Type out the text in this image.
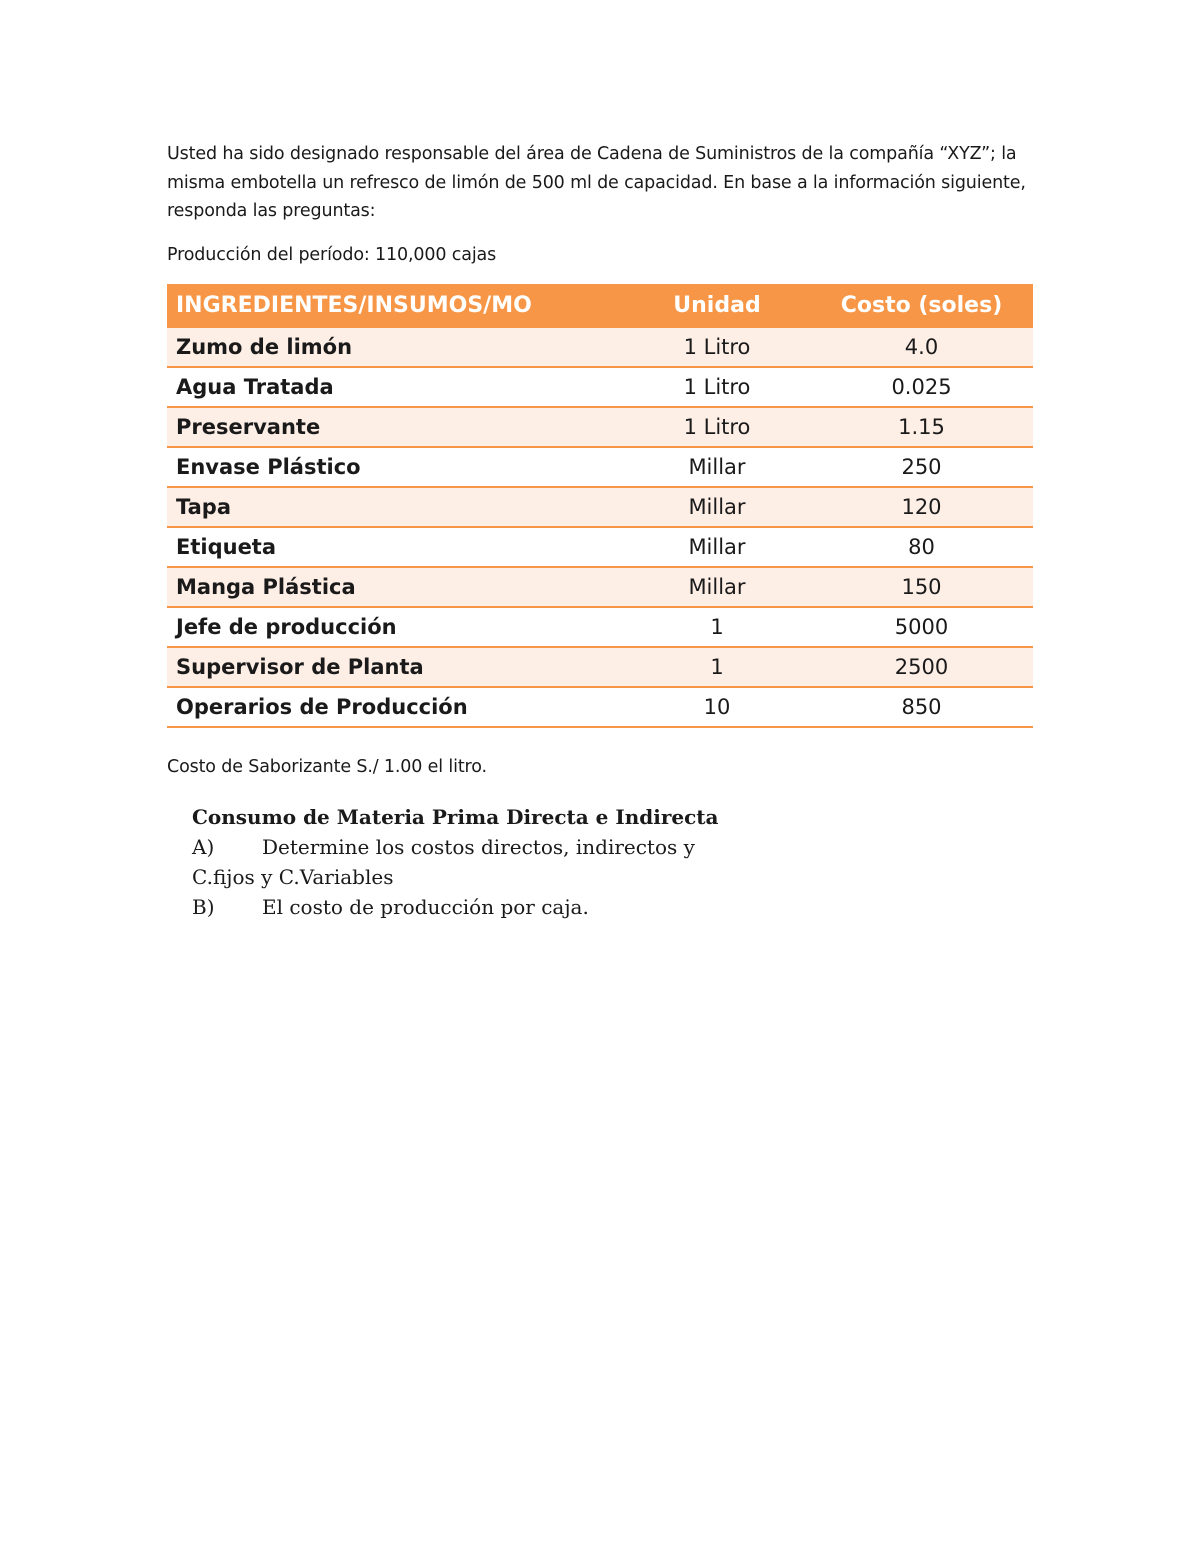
Usted ha sido designado responsable del área de Cadena de Suministros de la compañía “XYZ”; la

misma embotella un refresco de limón de 500 ml de capacidad. En base a la información siguiente,

responda las preguntas:

Producción del período: 110,000 cajas
INGREDIENTES/INSUMOS/MO	Unidad	Costo (soles)
Zumo de limón	1 Litro	4.0
Agua Tratada	1 Litro	0.025
Preservante	1 Litro	1.15
Envase Plástico	Millar	250
Tapa	Millar	120
Etiqueta	Millar	80
Manga Plástica	Millar	150
Jefe de producción	1	5000
Supervisor de Planta	1	2500
Operarios de Producción	10	850
Costo de Saborizante S./ 1.00 el litro.

Consumo de Materia Prima Directa e Indirecta

A)	Determine los costos directos, indirectos y

C.fijos y C.Variables

B)	El costo de producción por caja.
